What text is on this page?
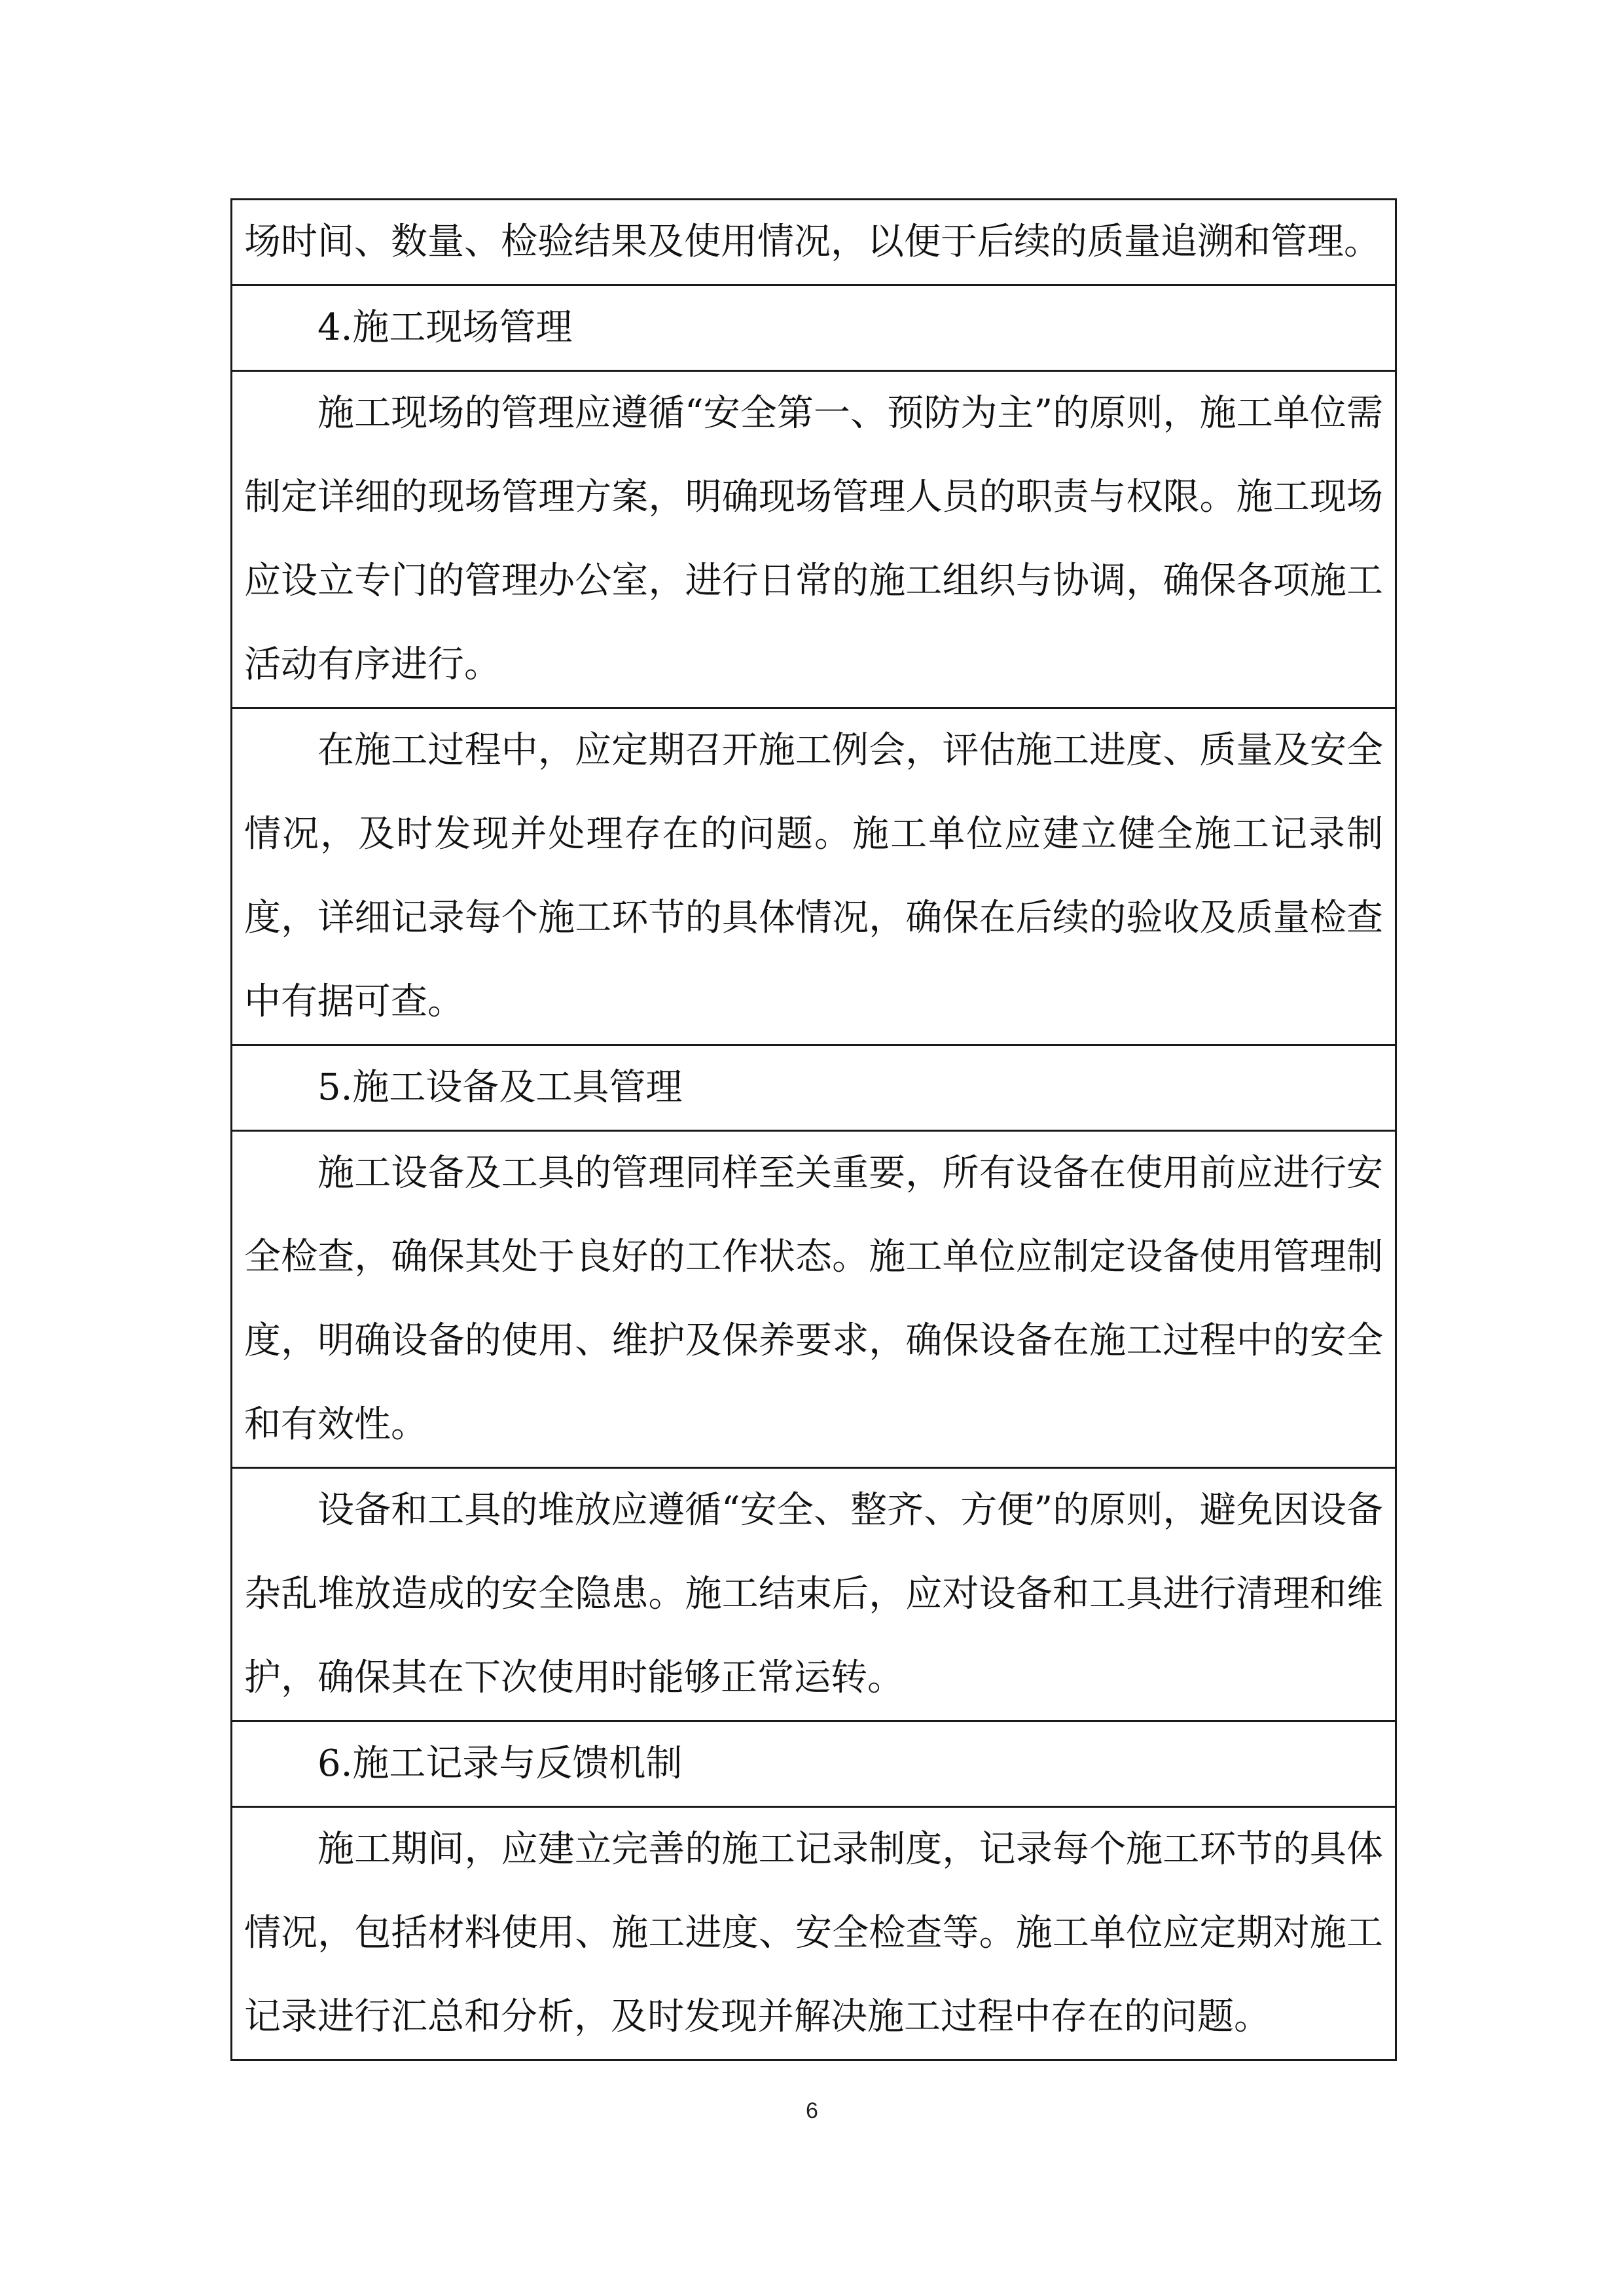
场时间、数量、检验结果及使用情况，以便于后续的质量追溯和管理。
4.施工现场管理
施工现场的管理应遵循“安全第一、预防为主”的原则，施工单位需制定详细的现场管理方案，明确现场管理人员的职责与权限。施工现场应设立专门的管理办公室，进行日常的施工组织与协调，确保各项施工活动有序进行。
在施工过程中，应定期召开施工例会，评估施工进度、质量及安全情况，及时发现并处理存在的问题。施工单位应建立健全施工记录制度，详细记录每个施工环节的具体情况，确保在后续的验收及质量检查中有据可查。
5.施工设备及工具管理
施工设备及工具的管理同样至关重要，所有设备在使用前应进行安全检查，确保其处于良好的工作状态。施工单位应制定设备使用管理制度，明确设备的使用、维护及保养要求，确保设备在施工过程中的安全和有效性。
设备和工具的堆放应遵循“安全、整齐、方便”的原则，避免因设备杂乱堆放造成的安全隐患。施工结束后，应对设备和工具进行清理和维护，确保其在下次使用时能够正常运转。
6.施工记录与反馈机制
施工期间，应建立完善的施工记录制度，记录每个施工环节的具体情况，包括材料使用、施工进度、安全检查等。施工单位应定期对施工记录进行汇总和分析，及时发现并解决施工过程中存在的问题。
6
